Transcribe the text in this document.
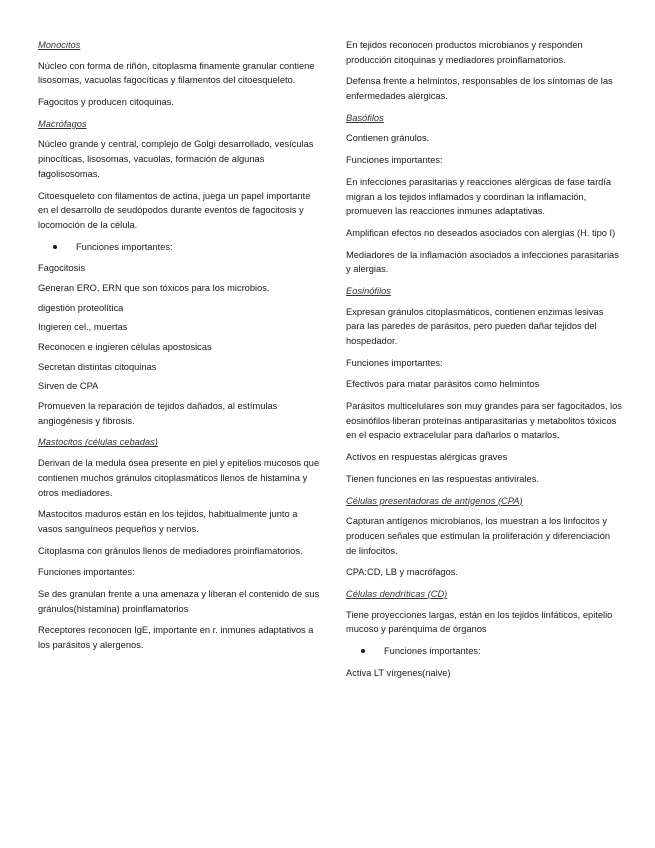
Monocitos
Núcleo con forma de riñón, citoplasma finamente granular contiene lisosomas, vacuolas fagocíticas y filamentos del citoesqueleto.
Fagocitos y producen citoquinas.
Macrófagos
Núcleo grande y central, complejo de Golgi desarrollado, vesículas pinocíticas, lisosomas, vacuolas, formación de algunas fagolisosomas.
Citoesqueleto con filamentos de actina, juega un papel importante en el desarrollo de seudópodos durante eventos de fagocitosis y locomoción de la célula.
Funciones importantes:
Fagocitosis
Generan ERO, ERN que son tóxicos para los microbios.
digestión proteolítica
Ingieren cel., muertas
Reconocen e ingieren células apostosicas
Secretan distintas citoquinas
Sirven de CPA
Promueven la reparación de tejidos dañados, al estímulas angiogénesis y fibrosis.
Mastocitos (células cebadas)
Derivan de la medula ósea presente en piel y epitelios mucosos que contienen muchos gránulos citoplasmáticos llenos de histamina y otros mediadores.
Mastocitos maduros están en los tejidos, habitualmente junto a vasos sanguíneos pequeños y nervios.
Citoplasma con gránulos llenos de mediadores proinflamatorios.
Funciones importantes:
Se des granulan frente a una amenaza y liberan el contenido de sus gránulos(histamina) proinflamatorios
Receptores reconocen IgE, importante en r. inmunes adaptativos a los parásitos y alergenos.
En tejidos reconocen productos microbianos y responden producción citoquinas y mediadores proinflamatorios.
Defensa frente a helmintos, responsables de los síntomas de las enfermedades alérgicas.
Basófilos
Contienen gránulos.
Funciones importantes:
En infecciones parasitarias y reacciones alérgicas de fase tardía migran a los tejidos inflamados y coordinan la inflamación, promueven las reacciones inmunes adaptativas.
Amplifican efectos no deseados asociados con alergias (H. tipo I)
Mediadores de la inflamación asociados a infecciones parasitarias y alergias.
Eosinófilos
Expresan gránulos citoplasmáticos, contienen enzimas lesivas para las paredes de parásitos, pero pueden dañar tejidos del hospedador.
Funciones importantes:
Efectivos para matar parásitos como helmintos
Parásitos multicelulares son muy grandes para ser fagocitados, los eosinófilos liberan proteínas antiparasitarias y metabolitos tóxicos en el espacio extracelular para dañarlos o matarlos.
Activos en respuestas alérgicas graves
Tienen funciones en las respuestas antivirales.
Células presentadoras de antígenos (CPA)
Capturan antígenos microbianos, los muestran a los linfocitos y producen señales que estimulan la proliferación y diferenciación de linfocitos.
CPA:CD, LB y macrófagos.
Células dendríticas (CD)
Tiene proyecciones largas, están en los tejidos linfáticos, epitelio mucoso y parénquima de órganos
Funciones importantes:
Activa LT vírgenes(naive)
